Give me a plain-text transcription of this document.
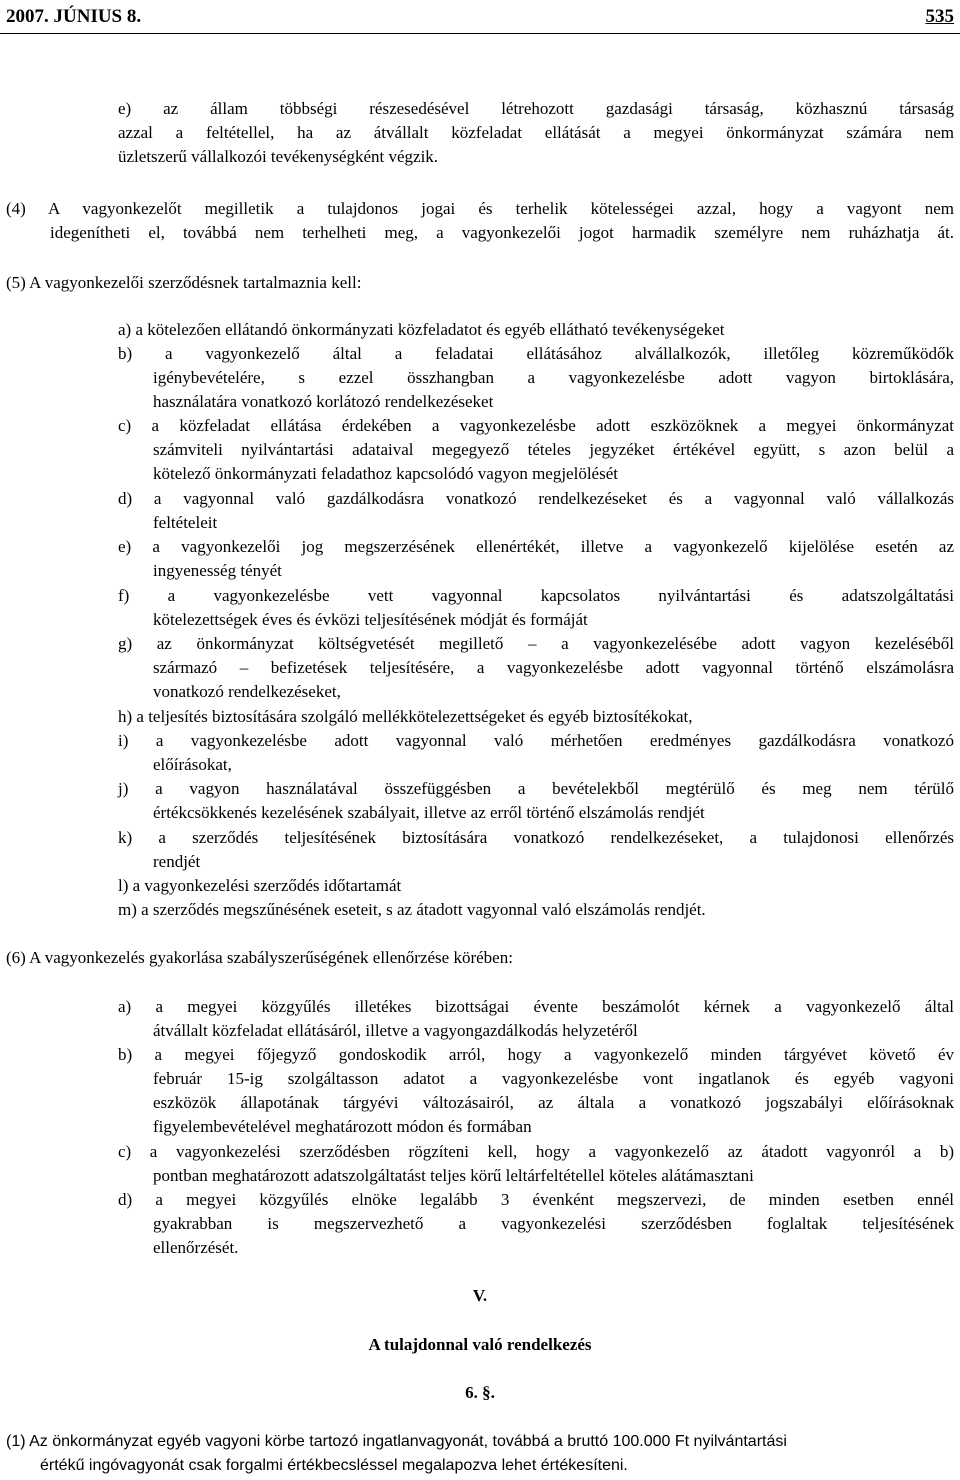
2007. JÚNIUS 8.	535
e) az állam többségi részesedésével létrehozott gazdasági társaság, közhasznú társaság
azzal a feltétellel, ha az átvállalt közfeladat ellátását a megyei önkormányzat számára nem
üzletszerű vállalkozói tevékenységként végzik.
(4) A vagyonkezelőt megilletik a tulajdonos jogai és terhelik kötelességei azzal, hogy a vagyont nem
idegenítheti el, továbbá nem terhelheti meg, a vagyonkezelői jogot harmadik személyre nem ruházhatja át.
(5) A vagyonkezelői szerződésnek tartalmaznia kell:
a) a kötelezően ellátandó önkormányzati közfeladatot és egyéb ellátható tevékenységeket
b) a vagyonkezelő által a feladatai ellátásához alvállalkozók, illetőleg közreműködők
igénybevételére, s ezzel összhangban a vagyonkezelésbe adott vagyon birtoklására,
használatára vonatkozó korlátozó rendelkezéseket
c) a közfeladat ellátása érdekében a vagyonkezelésbe adott eszközöknek a megyei önkormányzat
számviteli nyilvántartási adataival megegyező tételes jegyzéket értékével együtt, s azon belül a
kötelező önkormányzati feladathoz kapcsolódó vagyon megjelölését
d) a vagyonnal való gazdálkodásra vonatkozó rendelkezéseket és a vagyonnal való vállalkozás
feltételeit
e) a vagyonkezelői jog megszerzésének ellenértékét, illetve a vagyonkezelő kijelölése esetén az
ingyenesség tényét
f) a vagyonkezelésbe vett vagyonnal kapcsolatos nyilvántartási és adatszolgáltatási
kötelezettségek éves és évközi teljesítésének módját és formáját
g) az önkormányzat költségvetését megillető – a vagyonkezelésébe adott vagyon kezeléséből
származó – befizetések teljesítésére, a vagyonkezelésbe adott vagyonnal történő elszámolásra
vonatkozó rendelkezéseket,
h) a teljesítés biztosítására szolgáló mellékkötelezettségeket és egyéb biztosítékokat,
i) a vagyonkezelésbe adott vagyonnal való mérhetően eredményes gazdálkodásra vonatkozó
előírásokat,
j) a vagyon használatával összefüggésben a bevételekből megtérülő és meg nem térülő
értékcsökkenés kezelésének szabályait, illetve az erről történő elszámolás rendjét
k) a szerződés teljesítésének biztosítására vonatkozó rendelkezéseket, a tulajdonosi ellenőrzés
rendjét
l) a vagyonkezelési szerződés időtartamát
m) a szerződés megszűnésének eseteit, s az átadott vagyonnal való elszámolás rendjét.
(6) A vagyonkezelés gyakorlása szabályszerűségének ellenőrzése körében:
a) a megyei közgyűlés illetékes bizottságai évente beszámolót kérnek a vagyonkezelő által
átvállalt közfeladat ellátásáról, illetve a vagyongazdálkodás helyzetéről
b) a megyei főjegyző gondoskodik arról, hogy a vagyonkezelő minden tárgyévet követő év
február 15-ig szolgáltasson adatot a vagyonkezelésbe vont ingatlanok és egyéb vagyoni
eszközök állapotának tárgyévi változásairól, az általa a vonatkozó jogszabályi előírásoknak
figyelembevételével meghatározott módon és formában
c) a vagyonkezelési szerződésben rögzíteni kell, hogy a vagyonkezelő az átadott vagyonról a b)
pontban meghatározott adatszolgáltatást teljes körű leltárfeltétellel köteles alátámasztani
d) a megyei közgyűlés elnöke legalább 3 évenként megszervezi, de minden esetben ennél
gyakrabban is megszervezhető a vagyonkezelési szerződésben foglaltak teljesítésének
ellenőrzését.
V.
A tulajdonnal való rendelkezés
6. §.
(1) Az önkormányzat egyéb vagyoni körbe tartozó ingatlanvagyonát, továbbá a bruttó 100.000 Ft nyilvántartási
értékű ingóvagyonát csak forgalmi értékbecsléssel megalapozva lehet értékesíteni.
